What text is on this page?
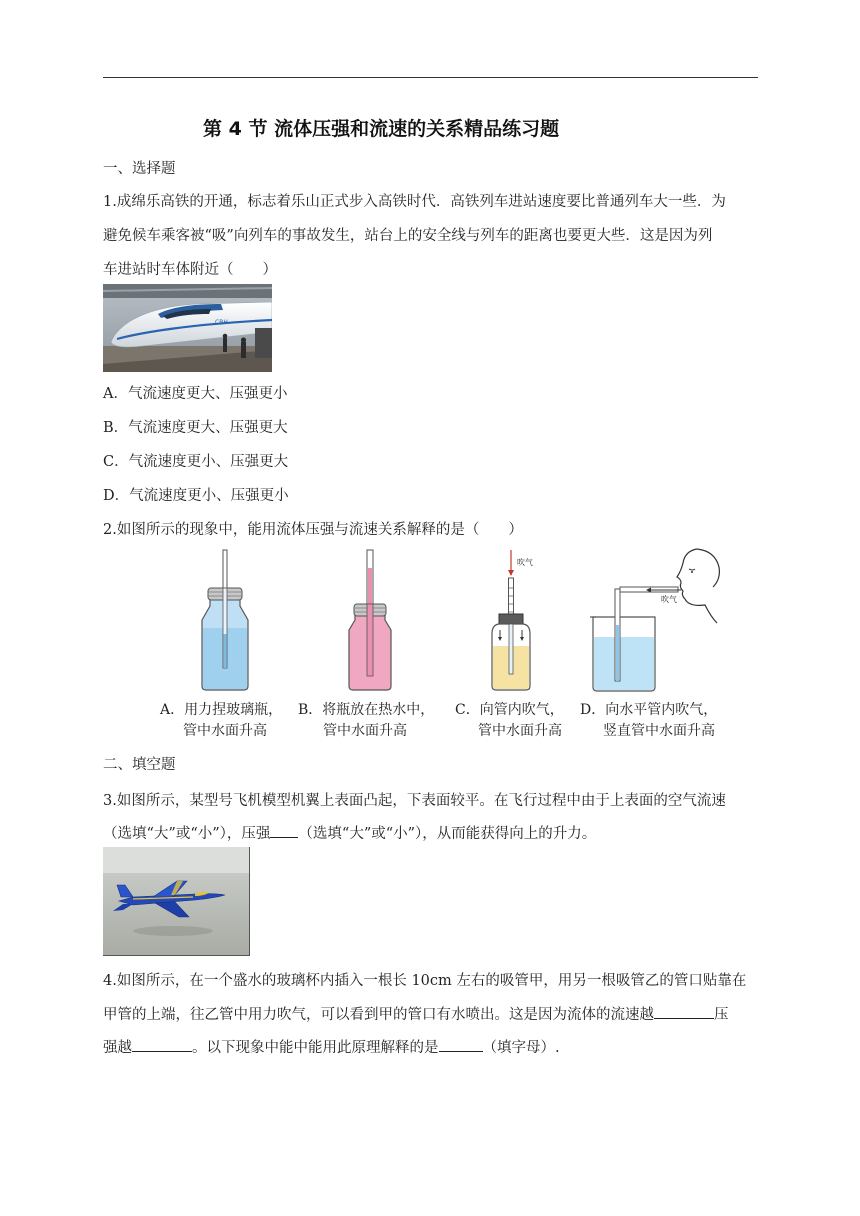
第 4 节 流体压强和流速的关系精品练习题
一、选择题
1.成绵乐高铁的开通，标志着乐山正式步入高铁时代．高铁列车进站速度要比普通列车大一些．为
避免候车乘客被“吸”向列车的事故发生，站台上的安全线与列车的距离也要更大些．这是因为列
车进站时车体附近（　　）
CRH
A．气流速度更大、压强更小
B．气流速度更大、压强更大
C．气流速度更小、压强更大
D．气流速度更小、压强更小
2.如图所示的现象中，能用流体压强与流速关系解释的是（　　）
吹气
吹气
A．用力捏玻璃瓶，
管中水面升高
B．将瓶放在热水中，
管中水面升高
C．向管内吹气，
管中水面升高
D．向水平管内吹气，
竖直管中水面升高
二、填空题
3.如图所示，某型号飞机模型机翼上表面凸起，下表面较平。在飞行过程中由于上表面的空气流速
（选填“大”或“小”），压强 （选填“大”或“小”），从而能获得向上的升力。
4.如图所示，在一个盛水的玻璃杯内插入一根长 10cm 左右的吸管甲，用另一根吸管乙的管口贴靠在
甲管的上端，往乙管中用力吹气，可以看到甲的管口有水喷出。这是因为流体的流速越	压
强越	。以下现象中能中能用此原理解释的是	（填字母）.
